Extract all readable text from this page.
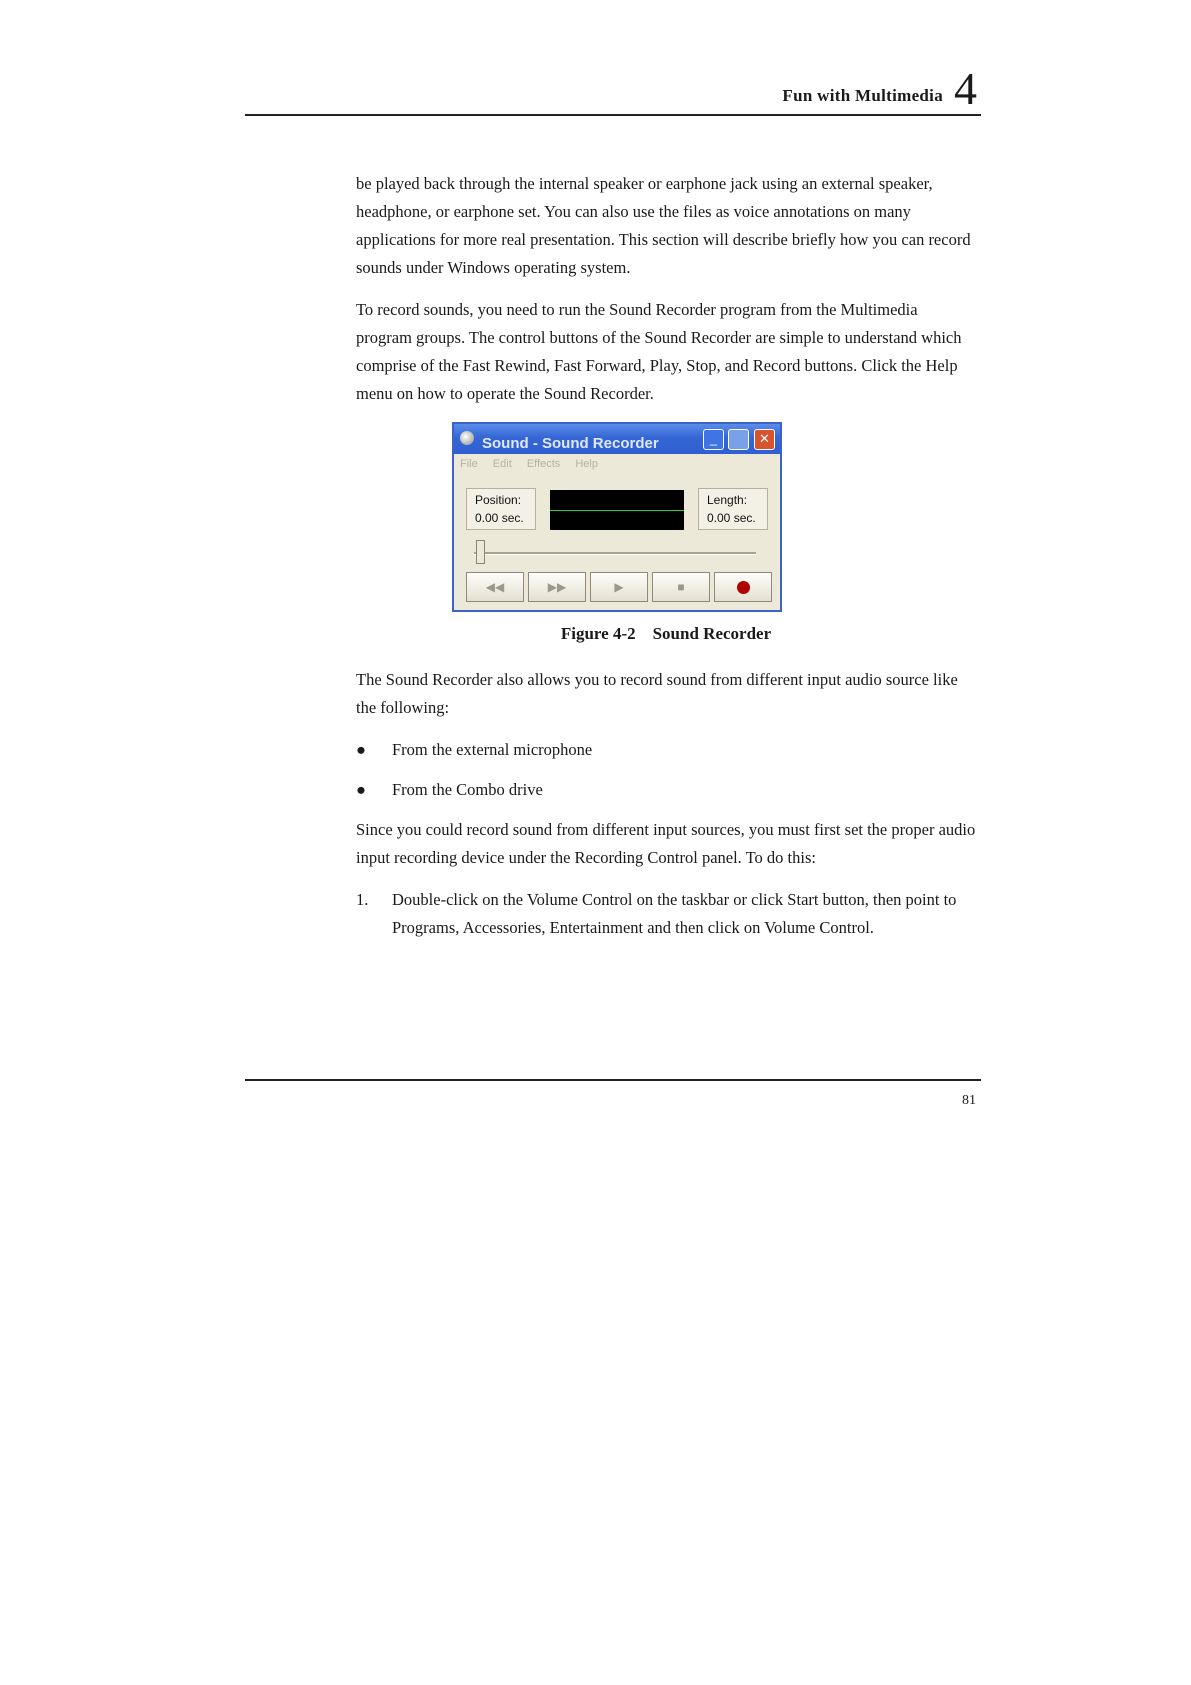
Fun with Multimedia 4

be played back through the internal speaker or earphone jack using an external speaker, headphone, or earphone set. You can also use the files as voice annotations on many applications for more real presentation. This section will describe briefly how you can record sounds under Windows operating system.

To record sounds, you need to run the Sound Recorder program from the Multimedia program groups. The control buttons of the Sound Recorder are simple to understand which comprise of the Fast Rewind, Fast Forward, Play, Stop, and Record buttons. Click the Help menu on how to operate the Sound Recorder.

Sound - Sound Recorder	_	✕
File Edit Effects Help
Position:
0.00 sec.
Length:
0.00 sec.
◀◀	▶▶	▶	■
Figure 4-2    Sound Recorder

The Sound Recorder also allows you to record sound from different input audio source like the following:

● From the external microphone
● From the Combo drive

Since you could record sound from different input sources, you must first set the proper audio input recording device under the Recording Control panel. To do this:

1. Double-click on the Volume Control on the taskbar or click Start button, then point to Programs, Accessories, Entertainment and then click on Volume Control.
81
